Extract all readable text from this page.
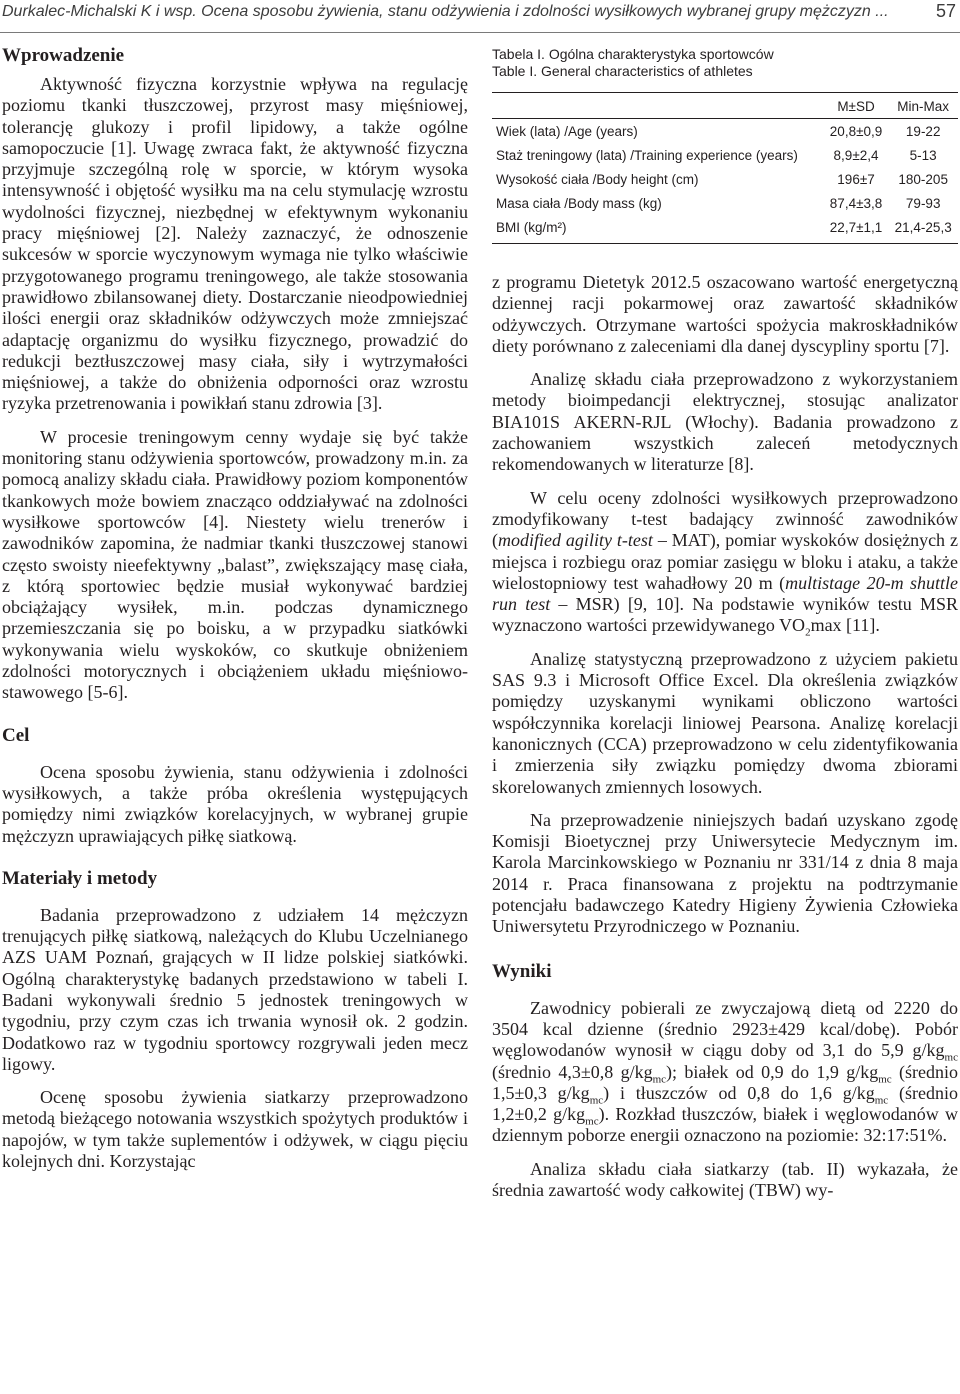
Durkalec-Michalski K i wsp. Ocena sposobu żywienia, stanu odżywienia i zdolności wysiłkowych wybranej grupy mężczyzn ...	57
Wprowadzenie

Aktywność fizyczna korzystnie wpływa na regulację poziomu tkanki tłuszczowej, przyrost masy mięśniowej, tolerancję glukozy i profil lipidowy, a także ogólne samopoczucie [1]. Uwagę zwraca fakt, że aktywność fizyczna przyjmuje szczególną rolę w sporcie, w którym wysoka intensywność i objętość wysiłku ma na celu stymulację wzrostu wydolności fizycznej, niezbędnej w efektywnym wykonaniu pracy mięśniowej [2]. Należy zaznaczyć, że odnoszenie sukcesów w sporcie wyczynowym wymaga nie tylko właściwie przygotowanego programu treningowego, ale także stosowania prawidłowo zbilansowanej diety. Dostarczanie nieodpowiedniej ilości energii oraz składników odżywczych może zmniejszać adaptację organizmu do wysiłku fizycznego, prowadzić do redukcji beztłuszczowej masy ciała, siły i wytrzymałości mięśniowej, a także do obniżenia odporności oraz wzrostu ryzyka przetrenowania i powikłań stanu zdrowia [3].

W procesie treningowym cenny wydaje się być także monitoring stanu odżywienia sportowców, prowadzony m.in. za pomocą analizy składu ciała. Prawidłowy poziom komponentów tkankowych może bowiem znacząco oddziaływać na zdolności wysiłkowe sportowców [4]. Niestety wielu trenerów i zawodników zapomina, że nadmiar tkanki tłuszczowej stanowi często swoisty nieefektywny „balast”, zwiększający masę ciała, z którą sportowiec będzie musiał wykonywać bardziej obciążający wysiłek, m.in. podczas dynamicznego przemieszczania się po boisku, a w przypadku siatkówki wykonywania wielu wyskoków, co skutkuje obniżeniem zdolności motorycznych i obciążeniem układu mięśniowo-stawowego [5-6].

Cel

Ocena sposobu żywienia, stanu odżywienia i zdolności wysiłkowych, a także próba określenia występujących pomiędzy nimi związków korelacyjnych, w wybranej grupie mężczyzn uprawiających piłkę siatkową.

Materiały i metody

Badania przeprowadzono z udziałem 14 mężczyzn trenujących piłkę siatkową, należących do Klubu Uczelnianego AZS UAM Poznań, grających w II lidze polskiej siatkówki. Ogólną charakterystykę badanych przedstawiono w tabeli I. Badani wykonywali średnio 5 jednostek treningowych w tygodniu, przy czym czas ich trwania wynosił ok. 2 godzin. Dodatkowo raz w tygodniu sportowcy rozgrywali jeden mecz ligowy.

Ocenę sposobu żywienia siatkarzy przeprowadzono metodą bieżącego notowania wszystkich spożytych produktów i napojów, w tym także suplementów i odżywek, w ciągu pięciu kolejnych dni. Korzystając

Tabela I. Ogólna charakterystyka sportowców
Table I. General characteristics of athletes
	M±SD	Min-Max
Wiek (lata) /Age (years)	20,8±0,9	19-22
Staż treningowy (lata) /Training experience (years)	8,9±2,4	5-13
Wysokość ciała /Body height (cm)	196±7	180-205
Masa ciała /Body mass (kg)	87,4±3,8	79-93
BMI (kg/m²)	22,7±1,1	21,4-25,3

z programu Dietetyk 2012.5 oszacowano wartość energetyczną dziennej racji pokarmowej oraz zawartość składników odżywczych. Otrzymane wartości spożycia makroskładników diety porównano z zaleceniami dla danej dyscypliny sportu [7].

Analizę składu ciała przeprowadzono z wykorzystaniem metody bioimpedancji elektrycznej, stosując analizator BIA101S AKERN-RJL (Włochy). Badania prowadzono z zachowaniem wszystkich zaleceń metodycznych rekomendowanych w literaturze [8].

W celu oceny zdolności wysiłkowych przeprowadzono zmodyfikowany t-test badający zwinność zawodników (modified agility t-test – MAT), pomiar wyskoków dosiężnych z miejsca i rozbiegu oraz pomiar zasięgu w bloku i ataku, a także wielostopniowy test wahadłowy 20 m (multistage 20-m shuttle run test – MSR) [9, 10]. Na podstawie wyników testu MSR wyznaczono wartości przewidywanego $VO_2\max$ [11].

Analizę statystyczną przeprowadzono z użyciem pakietu SAS 9.3 i Microsoft Office Excel. Dla określenia związków pomiędzy uzyskanymi wynikami obliczono wartości współczynnika korelacji liniowej Pearsona. Analizę korelacji kanonicznych (CCA) przeprowadzono w celu zidentyfikowania i zmierzenia siły związku pomiędzy dwoma zbiorami skorelowanych zmiennych losowych.

Na przeprowadzenie niniejszych badań uzyskano zgodę Komisji Bioetycznej przy Uniwersytecie Medycznym im. Karola Marcinkowskiego w Poznaniu nr 331/14 z dnia 8 maja 2014 r. Praca finansowana z projektu na podtrzymanie potencjału badawczego Katedry Higieny Żywienia Człowieka Uniwersytetu Przyrodniczego w Poznaniu.

Wyniki

Zawodnicy pobierali ze zwyczajową dietą od 2220 do 3504 kcal dzienne (średnio 2923±429 kcal/dobę). Pobór węglowodanów wynosił w ciągu doby od 3,1 do 5,9 $g/kg_{mc}$ (średnio 4,3±0,8 $g/kg_{mc}$); białek od 0,9 do 1,9 $g/kg_{mc}$ (średnio 1,5±0,3 $g/kg_{mc}$) i tłuszczów od 0,8 do 1,6 $g/kg_{mc}$ (średnio 1,2±0,2 $g/kg_{mc}$). Rozkład tłuszczów, białek i węglowodanów w dziennym poborze energii oznaczono na poziomie: 32:17:51%.

Analiza składu ciała siatkarzy (tab. II) wykazała, że średnia zawartość wody całkowitej (TBW) wy-
